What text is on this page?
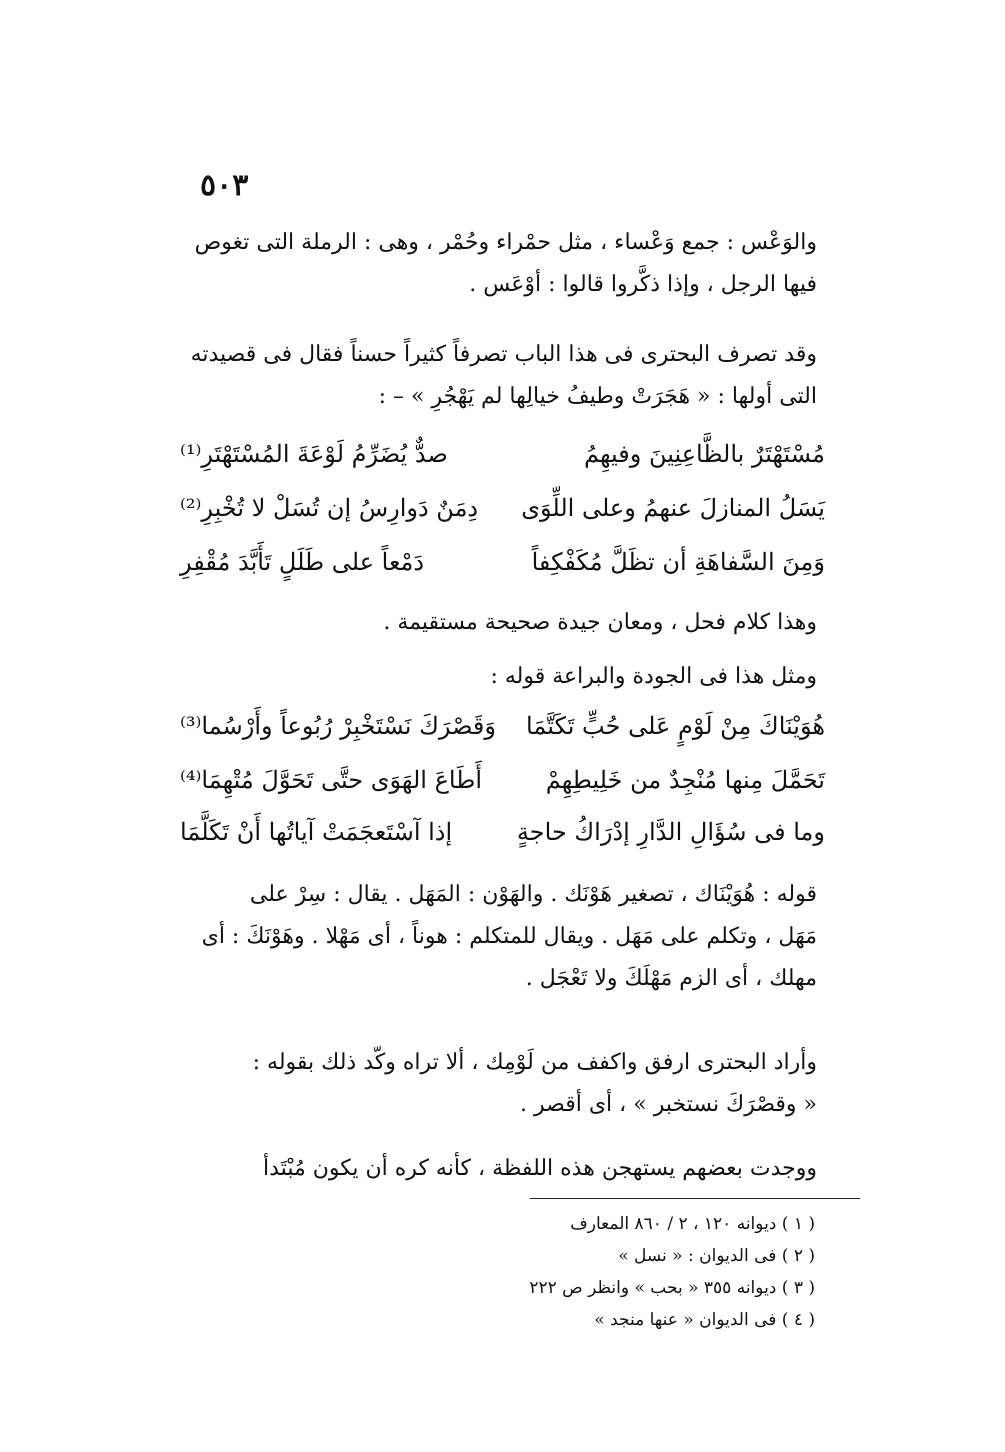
٥٠٣
والوَعْس : جمع وَعْساء ، مثل حمْراء وحُمْر ، وهى : الرملة التى تغوص
فيها الرجل ، وإذا ذكَّروا قالوا : أوْعَس .
وقد تصرف البحترى فى هذا الباب تصرفاً كثيراً حسناً فقال فى قصيدته
التى أولها : « هَجَرَتْ وطيفُ خيالِها لم يَهْجُرِ » – :
مُسْتَهْتَرٌ بالظَّاعِنِينَ وفيهِمُ
صدٌّ يُضَرِّمُ لَوْعَةَ المُسْتَهْتَرِ⁽¹⁾
يَسَلُ المنازلَ عنهمُ وعلى اللِّوَى
دِمَنٌ دَوارِسُ إن تُسَلْ لا تُخْبِرِ⁽²⁾
وَمِنَ السَّفاهَةِ أن تظَلَّ مُكَفْكِفاً
دَمْعاً على طَلَلٍ تَأَبَّدَ مُقْفِرِ
وهذا كلام فحل ، ومعان جيدة صحيحة مستقيمة .
ومثل هذا فى الجودة والبراعة قوله :
هُوَيْنَاكَ مِنْ لَوْمٍ عَلى حُبٍّ تَكَتَّمَا
وَقَصْرَكَ نَسْتَخْبِرْ رُبُوعاً وأَرْسُما⁽³⁾
تَحَمَّلَ مِنها مُنْجِدٌ من خَلِيطِهِمْ
أَطَاعَ الهَوَى حتَّى تَحَوَّلَ مُتْهِمَا⁽⁴⁾
وما فى سُؤَالِ الدَّارِ إدْرَاكُ حاجةٍ
إذا آسْتَعجَمَتْ آياتُها أَنْ تَكَلَّمَا
قوله : هُوَيْنَاك ، تصغير هَوْنَك . والهَوْن : المَهَل . يقال : سِرْ على
مَهَل ، وتكلم على مَهَل . ويقال للمتكلم : هوناً ، أى مَهْلا . وهَوْنَكَ : أى
مهلك ، أى الزم مَهْلَكَ ولا تَعْجَل .
وأراد البحترى ارفق واكفف من لَوْمِك ، ألا تراه وكّد ذلك بقوله :
« وقصْرَكَ نستخبر » ، أى أقصر .
ووجدت بعضهم يستهجن هذه اللفظة ، كأنه كره أن يكون مُبْتَدأ
( ١ ) ديوانه ١٢٠ ، ٢ / ٨٦٠ المعارف
( ٢ ) فى الديوان : « نسل »
( ٣ ) ديوانه ٣٥٥ « بحب » وانظر ص ٢٢٢
( ٤ ) فى الديوان « عنها منجد »
